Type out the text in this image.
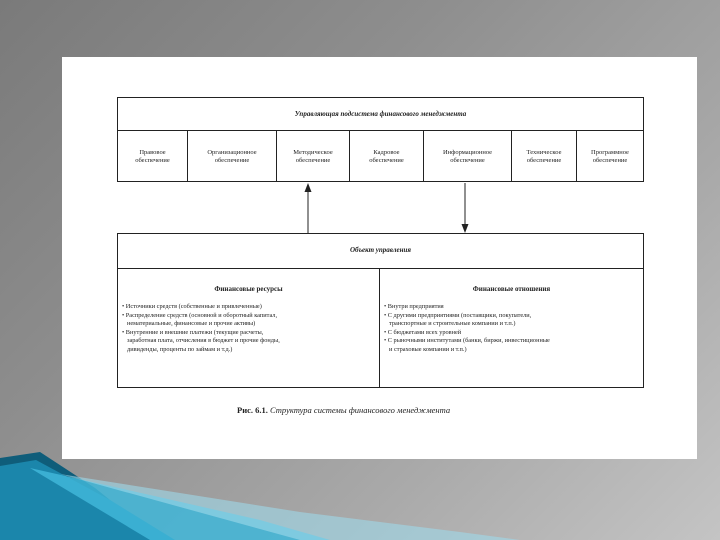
Управляющая подсистема финансового менеджмента
Правовое
обеспечение
Организационное
обеспечение
Методическое
обеспечение
Кадровое
обеспечение
Информационное
обеспечение
Техническое
обеспечение
Программное
обеспечение
Объект управления
Финансовые ресурсы
• Источники средств (собственные и привлеченные)
• Распределение средств (основной и оборотный капитал,
нематериальные, финансовые и прочие активы)
• Внутренние и внешние платежи (текущие расчеты,
заработная плата, отчисления в бюджет и прочие фонды,
дивиденды, проценты по займам и т.д.)
Финансовые отношения
• Внутри предприятия
• С другими предприятиями (поставщики, покупатели,
транспортные и строительные компании и т.п.)
• С бюджетами всех уровней
• С рыночными институтами (банки, биржи, инвестиционные
и страховые компании и т.п.)
Рис. 6.1. Структура системы финансового менеджмента
